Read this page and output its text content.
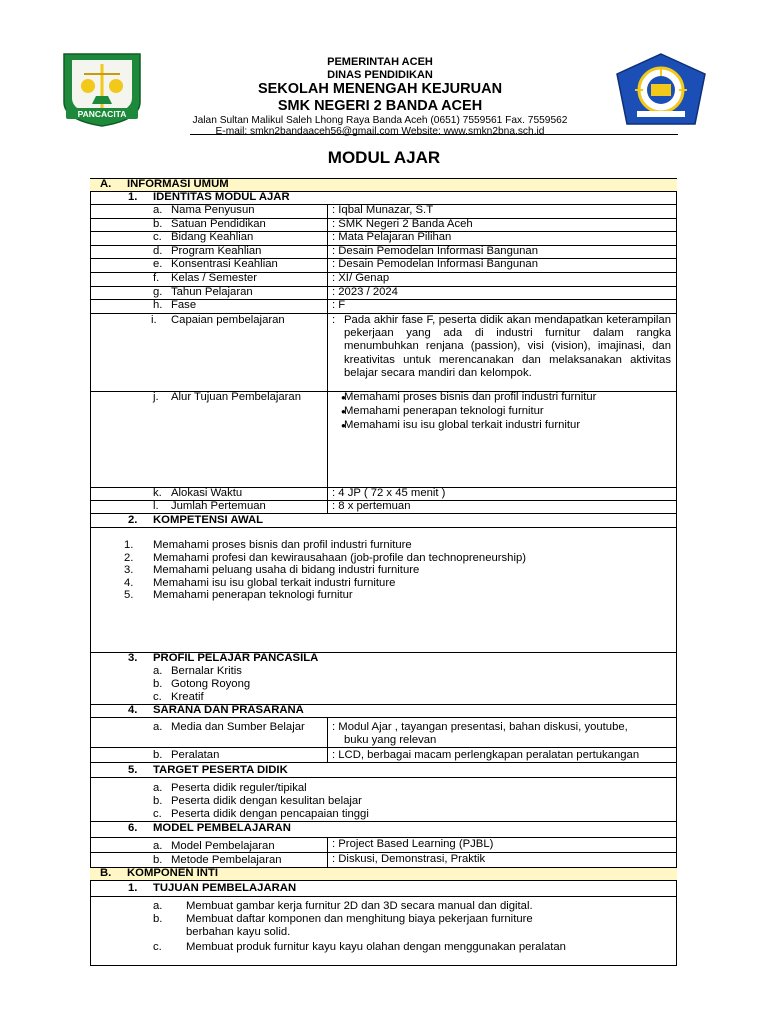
PANCACITA
PEMERINTAH ACEH
DINAS PENDIDIKAN
SEKOLAH MENENGAH KEJURUAN
SMK NEGERI 2 BANDA ACEH
Jalan Sultan Malikul Saleh Lhong Raya Banda Aceh (0651) 7559561 Fax. 7559562
E-mail: smkn2bandaaceh56@gmail.com Website: www.smkn2bna.sch.id
MODUL AJAR
A. INFORMASI UMUM
1. IDENTITAS MODUL AJAR
a. Nama Penyusun	: Iqbal Munazar, S.T
b. Satuan Pendidikan	: SMK Negeri 2 Banda Aceh
c. Bidang Keahlian	: Mata Pelajaran Pilihan
d. Program Keahlian	: Desain Pemodelan Informasi Bangunan
e. Konsentrasi Keahlian	: Desain Pemodelan Informasi Bangunan
f. Kelas / Semester	: XI/ Genap
g. Tahun Pelajaran	: 2023 / 2024
h. Fase	: F
i. Capaian pembelajaran	: Pada akhir fase F, peserta didik akan mendapatkan keterampilan pekerjaan yang ada di industri furnitur dalam rangka menumbuhkan renjana (passion), visi (vision), imajinasi, dan kreativitas untuk merencanakan dan melaksanakan aktivitas belajar secara mandiri dan kelompok.
j. Alur Tujuan Pembelajaran
●	Memahami proses bisnis dan profil industri furnitur
● Memahami penerapan teknologi furnitur
● Memahami isu isu global terkait industri furnitur
k. Alokasi Waktu	: 4 JP ( 72 x 45 menit )
l. Jumlah Pertemuan	: 8 x pertemuan
2. KOMPETENSI AWAL
1. Memahami proses bisnis dan profil industri furniture
2. Memahami profesi dan kewirausahaan (job-profile dan technopreneurship)
3. Memahami peluang usaha di bidang industri furniture
4. Memahami isu isu global terkait industri furniture
5. Memahami penerapan teknologi furnitur
3. PROFIL PELAJAR PANCASILA
a. Bernalar Kritis
b. Gotong Royong
c. Kreatif
4. SARANA DAN PRASARANA
a. Media dan Sumber Belajar : Modul Ajar , tayangan presentasi, bahan diskusi, youtube,
buku yang relevan
b. Peralatan	: LCD, berbagai macam perlengkapan peralatan pertukangan
5. TARGET PESERTA DIDIK
a. Peserta didik reguler/tipikal
b. Peserta didik dengan kesulitan belajar
c. Peserta didik dengan pencapaian tinggi
6. MODEL PEMBELAJARAN
a. Model Pembelajaran	: Project Based Learning (PJBL)
b. Metode Pembelajaran	: Diskusi, Demonstrasi, Praktik
B. KOMPONEN INTI
1. TUJUAN PEMBELAJARAN
a. Membuat gambar kerja furnitur 2D dan 3D secara manual dan digital.
b. Membuat daftar komponen dan menghitung biaya pekerjaan furniture
berbahan kayu solid.
c. Membuat produk furnitur kayu kayu olahan dengan menggunakan peralatan
